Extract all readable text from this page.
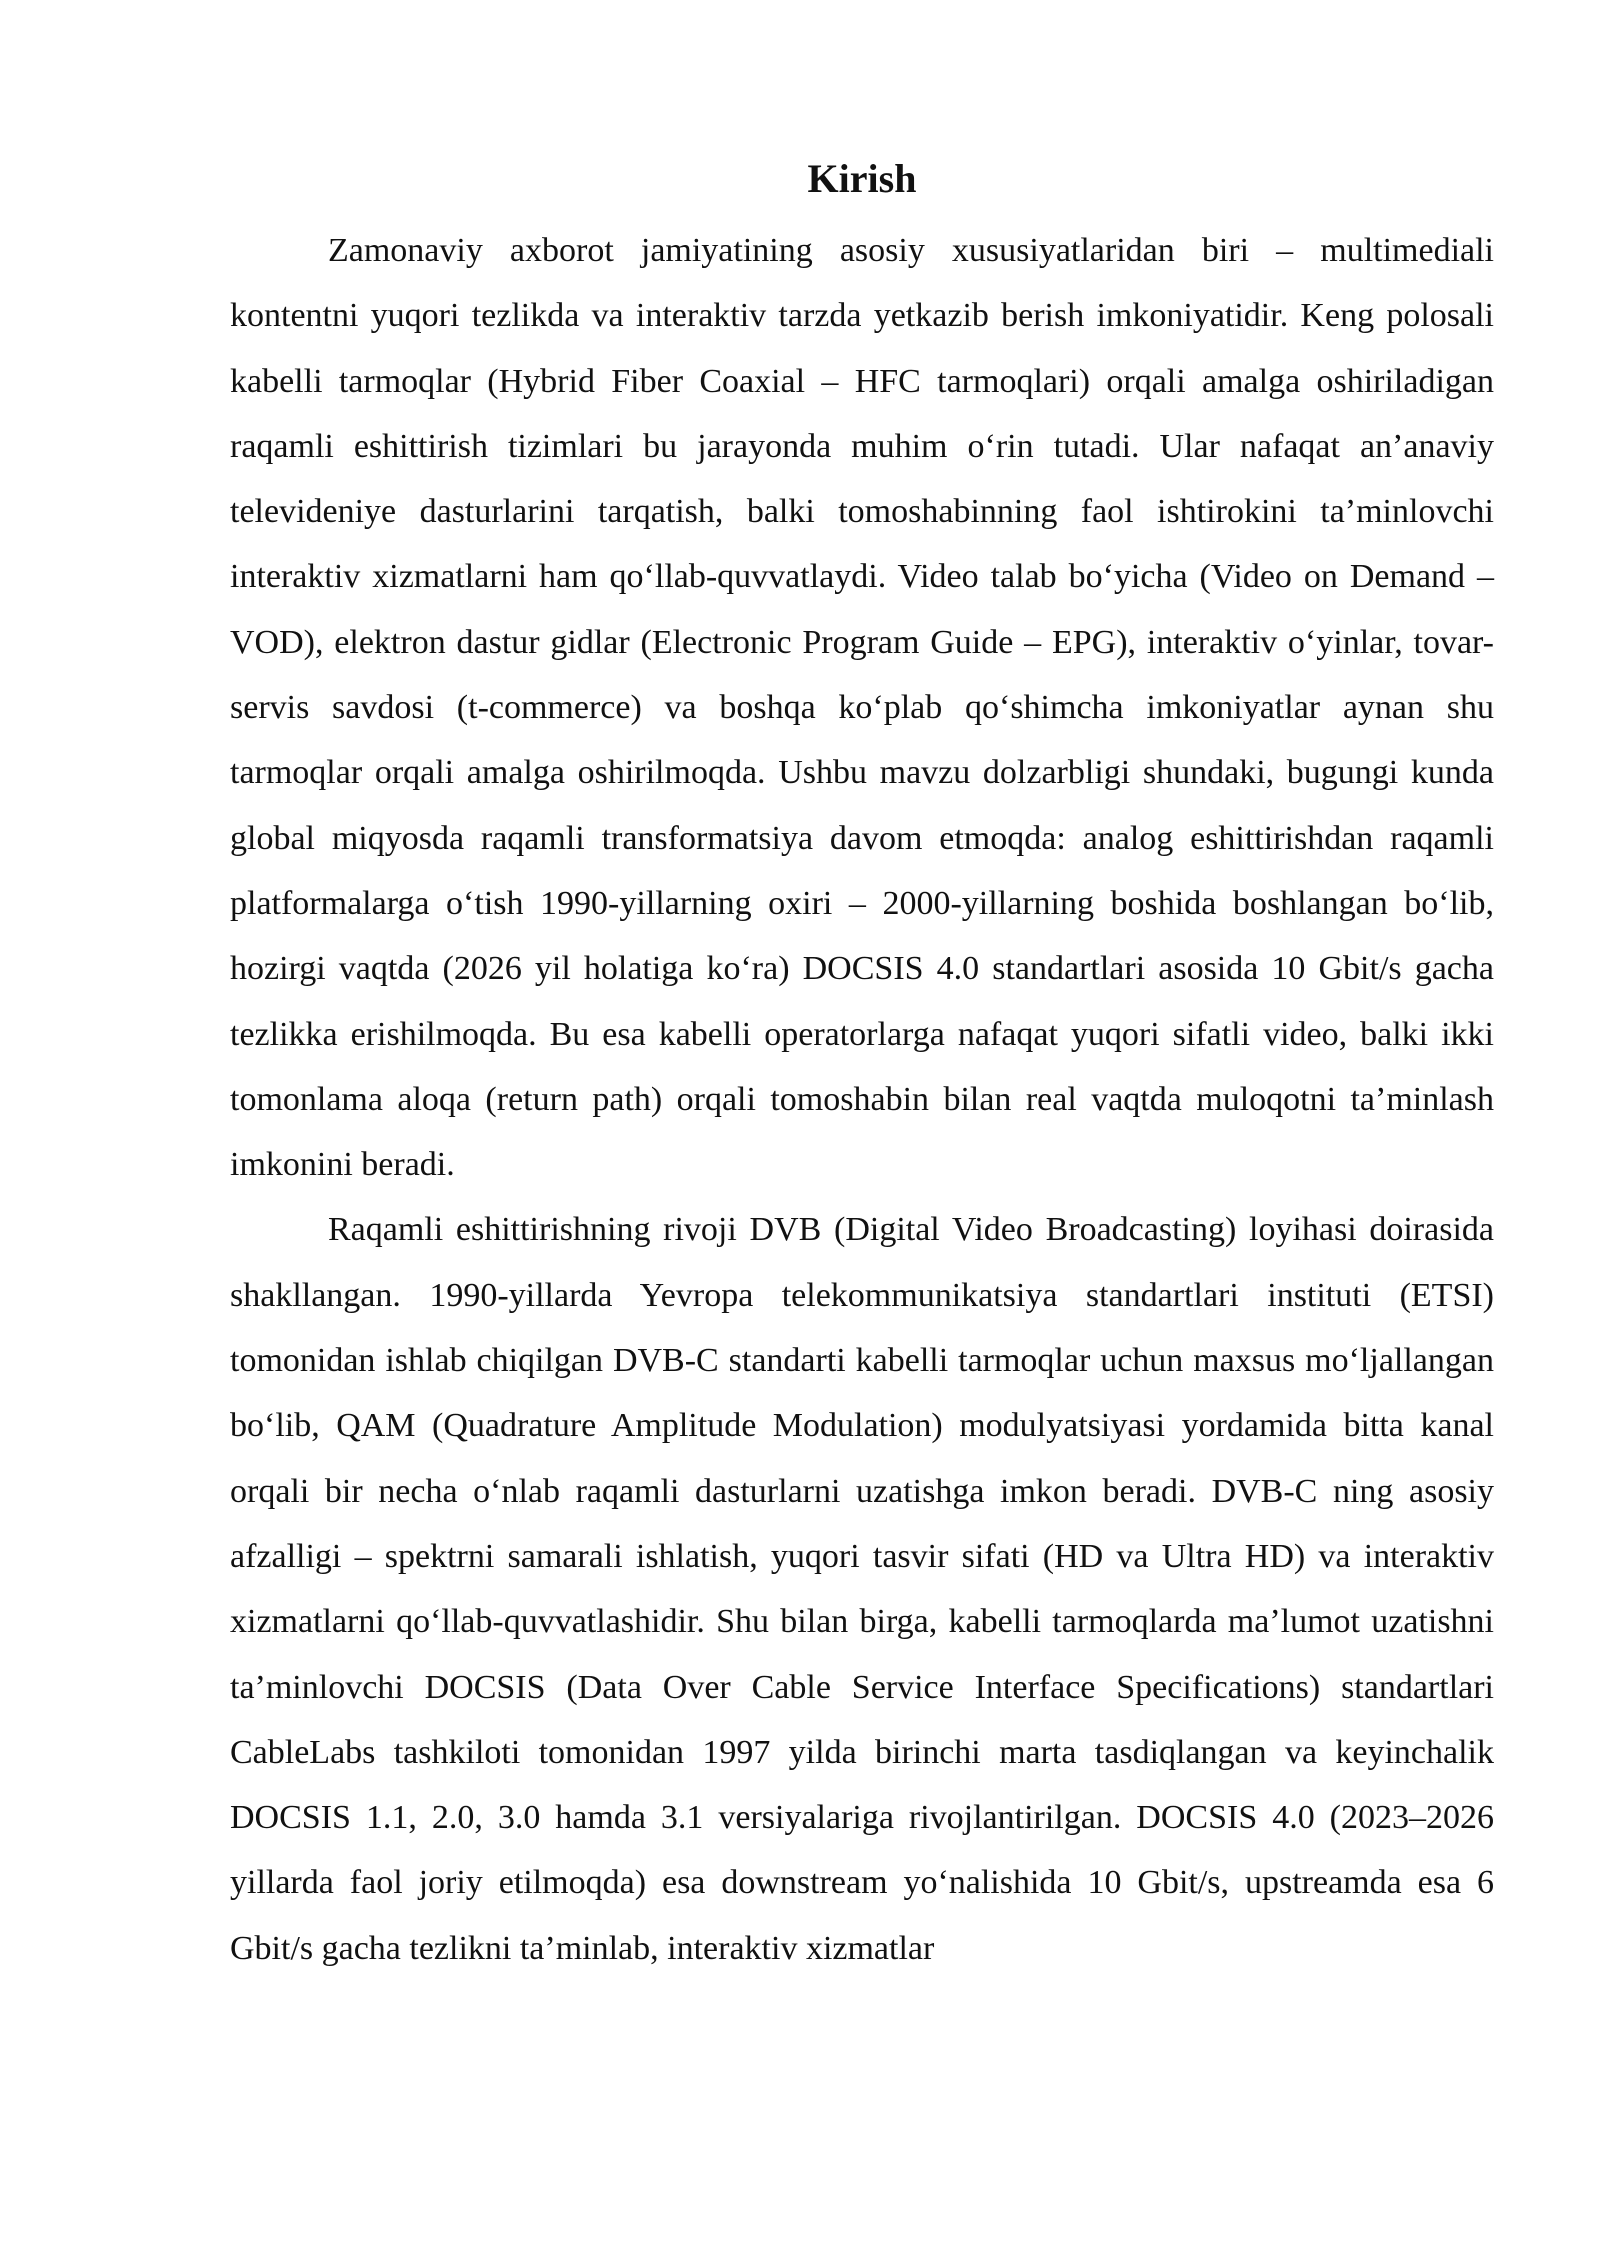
Kirish

Zamonaviy axborot jamiyatining asosiy xususiyatlaridan biri – multimediali kontentni yuqori tezlikda va interaktiv tarzda yetkazib berish imkoniyatidir. Keng polosali kabelli tarmoqlar (Hybrid Fiber Coaxial – HFC tarmoqlari) orqali amalga oshiriladigan raqamli eshittirish tizimlari bu jarayonda muhim oʻrin tutadi. Ular nafaqat an’anaviy televideniye dasturlarini tarqatish, balki tomoshabinning faol ishtirokini ta’minlovchi interaktiv xizmatlarni ham qoʻllab-quvvatlaydi. Video talab boʻyicha (Video on Demand – VOD), elektron dastur gidlar (Electronic Program Guide – EPG), interaktiv oʻyinlar, tovar-servis savdosi (t-commerce) va boshqa koʻplab qoʻshimcha imkoniyatlar aynan shu tarmoqlar orqali amalga oshirilmoqda. Ushbu mavzu dolzarbligi shundaki, bugungi kunda global miqyosda raqamli transformatsiya davom etmoqda: analog eshittirishdan raqamli platformalarga oʻtish 1990-yillarning oxiri – 2000-yillarning boshida boshlangan boʻlib, hozirgi vaqtda (2026 yil holatiga koʻra) DOCSIS 4.0 standartlari asosida 10 Gbit/s gacha tezlikka erishilmoqda. Bu esa kabelli operatorlarga nafaqat yuqori sifatli video, balki ikki tomonlama aloqa (return path) orqali tomoshabin bilan real vaqtda muloqotni ta’minlash imkonini beradi.

Raqamli eshittirishning rivoji DVB (Digital Video Broadcasting) loyihasi doirasida shakllangan. 1990-yillarda Yevropa telekommunikatsiya standartlari instituti (ETSI) tomonidan ishlab chiqilgan DVB-C standarti kabelli tarmoqlar uchun maxsus moʻljallangan boʻlib, QAM (Quadrature Amplitude Modulation) modulyatsiyasi yordamida bitta kanal orqali bir necha oʻnlab raqamli dasturlarni uzatishga imkon beradi. DVB-C ning asosiy afzalligi – spektrni samarali ishlatish, yuqori tasvir sifati (HD va Ultra HD) va interaktiv xizmatlarni qoʻllab-quvvatlashidir. Shu bilan birga, kabelli tarmoqlarda ma’lumot uzatishni ta’minlovchi DOCSIS (Data Over Cable Service Interface Specifications) standartlari CableLabs tashkiloti tomonidan 1997 yilda birinchi marta tasdiqlangan va keyinchalik DOCSIS 1.1, 2.0, 3.0 hamda 3.1 versiyalariga rivojlantirilgan. DOCSIS 4.0 (2023–2026 yillarda faol joriy etilmoqda) esa downstream yoʻnalishida 10 Gbit/s, upstreamda esa 6 Gbit/s gacha tezlikni ta’minlab, interaktiv xizmatlar
